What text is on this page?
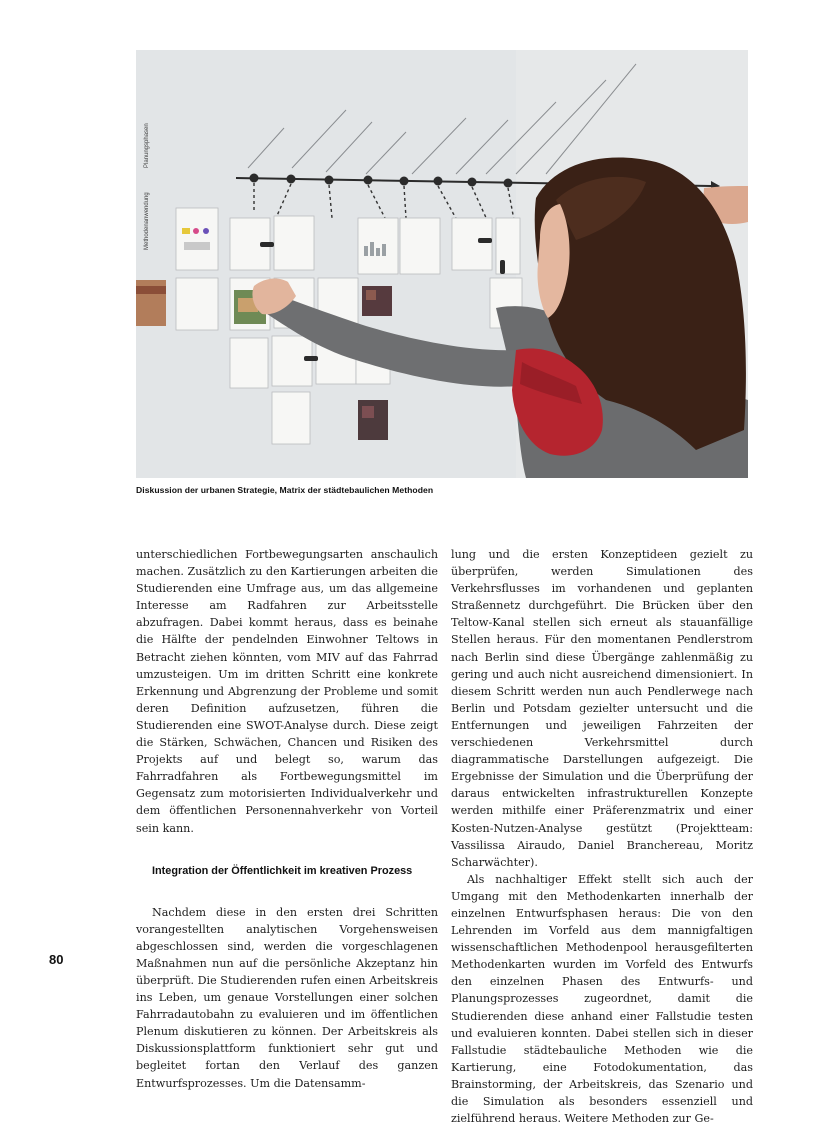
Planungsphasen
Methodenanwendung
Diskussion der urbanen Strategie, Matrix der städtebaulichen Methoden

unterschiedlichen Fortbewegungsarten anschaulich machen. Zusätzlich zu den Kartierungen arbeiten die Studierenden eine Umfrage aus, um das allgemeine Interesse am Radfahren zur Arbeitsstelle abzufragen. Dabei kommt heraus, dass es beinahe die Hälfte der pendelnden Einwohner Teltows in Betracht ziehen könnten, vom MIV auf das Fahrrad umzusteigen. Um im dritten Schritt eine konkrete Erkennung und Abgrenzung der Probleme und somit deren Definition aufzusetzen, führen die Studierenden eine SWOT-Analyse durch. Diese zeigt die Stärken, Schwächen, Chancen und Risiken des Projekts auf und belegt so, warum das Fahrradfahren als Fortbewegungsmittel im Gegensatz zum motorisierten Individualverkehr und dem öffentlichen Personennahverkehr von Vorteil sein kann.

Integration der Öffentlichkeit im kreativen Prozess

Nachdem diese in den ersten drei Schritten vorangestellten analytischen Vorgehensweisen abgeschlossen sind, werden die vorgeschlagenen Maßnahmen nun auf die persönliche Akzeptanz hin überprüft. Die Studierenden rufen einen Arbeitskreis ins Leben, um genaue Vorstellungen einer solchen Fahrradautobahn zu evaluieren und im öffentlichen Plenum diskutieren zu können. Der Arbeitskreis als Diskussionsplattform funktioniert sehr gut und begleitet fortan den Verlauf des ganzen Entwurfsprozesses. Um die Datensamm-

lung und die ersten Konzeptideen gezielt zu überprüfen, werden Simulationen des Verkehrsflusses im vorhandenen und geplanten Straßennetz durchgeführt. Die Brücken über den Teltow-Kanal stellen sich erneut als stauanfällige Stellen heraus. Für den momentanen Pendlerstrom nach Berlin sind diese Übergänge zahlenmäßig zu gering und auch nicht ausreichend dimensioniert. In diesem Schritt werden nun auch Pendlerwege nach Berlin und Potsdam gezielter untersucht und die Entfernungen und jeweiligen Fahrzeiten der verschiedenen Verkehrsmittel durch diagrammatische Darstellungen aufgezeigt. Die Ergebnisse der Simulation und die Überprüfung der daraus entwickelten infrastrukturellen Konzepte werden mithilfe einer Präferenzmatrix und einer Kosten-Nutzen-Analyse gestützt (Projektteam: Vassilissa Airaudo, Daniel Branchereau, Moritz Scharwächter).

Als nachhaltiger Effekt stellt sich auch der Umgang mit den Methodenkarten innerhalb der einzelnen Entwurfsphasen heraus: Die von den Lehrenden im Vorfeld aus dem mannigfaltigen wissenschaftlichen Methodenpool herausgefilterten Methodenkarten wurden im Vorfeld des Entwurfs den einzelnen Phasen des Entwurfs- und Planungsprozesses zugeordnet, damit die Studierenden diese anhand einer Fallstudie testen und evaluieren konnten. Dabei stellen sich in dieser Fallstudie städtebauliche Methoden wie die Kartierung, eine Fotodokumentation, das Brainstorming, der Arbeitskreis, das Szenario und die Simulation als besonders essenziell und zielführend heraus. Weitere Methoden zur Ge-

80
